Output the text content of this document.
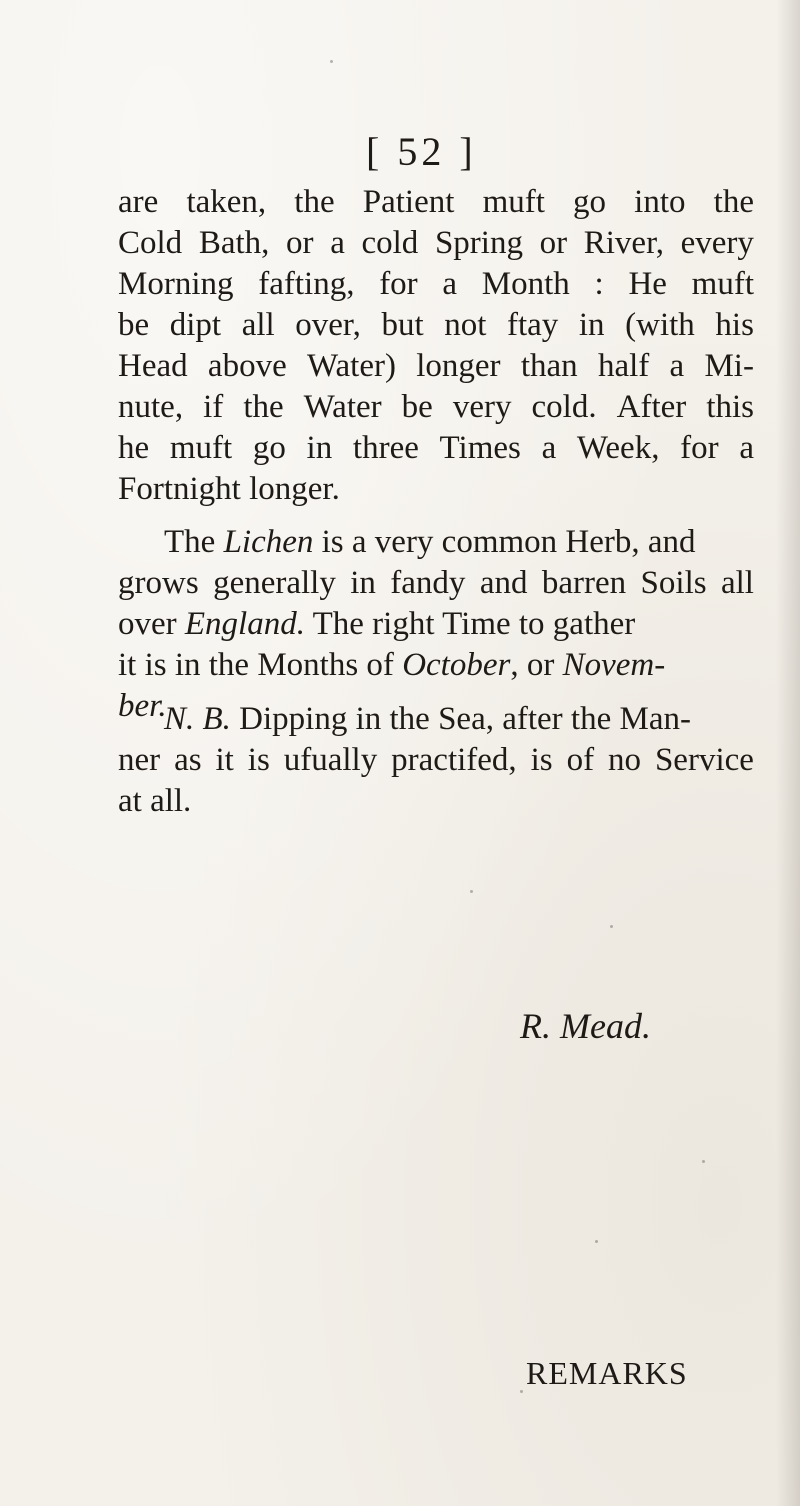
[ 52 ]
are taken, the Patient muft go into the
Cold Bath, or a cold Spring or River, every
Morning fafting, for a Month : He muft
be dipt all over, but not ftay in (with his
Head above Water) longer than half a Mi-
nute, if the Water be very cold. After this
he muft go in three Times a Week, for a
Fortnight longer.
The Lichen is a very common Herb, and
grows generally in fandy and barren Soils all
over England. The right Time to gather
it is in the Months of October, or Novem-
ber.
N. B. Dipping in the Sea, after the Man-
ner as it is ufually practifed, is of no Service
at all.
R. Mead.
REMARKS
